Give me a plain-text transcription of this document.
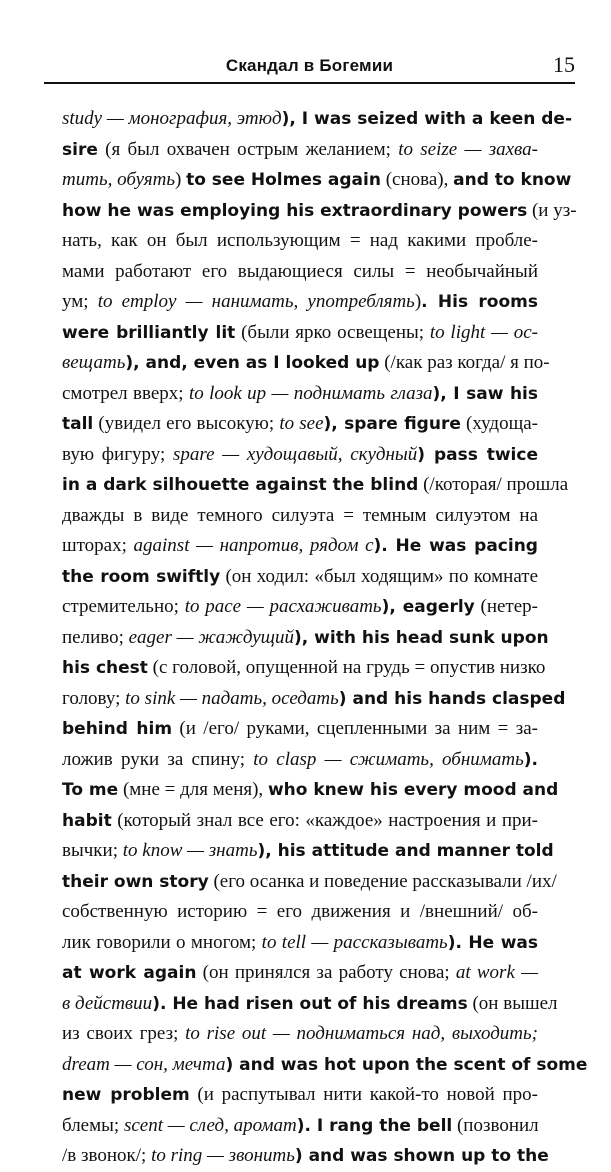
Скандал в Богемии	15
study — монография, этюд), I was seized with a keen de-
sire (я был охвачен острым желанием; to seize — захва-
тить, обуять) to see Holmes again (снова), and to know
how he was employing his extraordinary powers (и уз-
нать, как он был использующим = над какими пробле-
мами работают его выдающиеся силы = необычайный
ум; to employ — нанимать, употреблять). His rooms
were brilliantly lit (были ярко освещены; to light — ос-
вещать), and, even as I looked up (/как раз когда/ я по-
смотрел вверх; to look up — поднимать глаза), I saw his
tall (увидел его высокую; to see), spare figure (худоща-
вую фигуру; spare — худощавый, скудный) pass twice
in a dark silhouette against the blind (/которая/ прошла
дважды в виде темного силуэта = темным силуэтом на
шторах; against — напротив, рядом с). He was pacing
the room swiftly (он ходил: «был ходящим» по комнате
стремительно; to pace — расхаживать), eagerly (нетер-
пеливо; eager — жаждущий), with his head sunk upon
his chest (с головой, опущенной на грудь = опустив низко
голову; to sink — падать, оседать) and his hands clasped
behind him (и /его/ руками, сцепленными за ним = за-
ложив руки за спину; to clasp — сжимать, обнимать).
To me (мне = для меня), who knew his every mood and
habit (который знал все его: «каждое» настроения и при-
вычки; to know — знать), his attitude and manner told
their own story (его осанка и поведение рассказывали /их/
собственную историю = его движения и /внешний/ об-
лик говорили о многом; to tell — рассказывать). He was
at work again (он принялся за работу снова; at work —
в действии). He had risen out of his dreams (он вышел
из своих грез; to rise out — подниматься над, выходить;
dream — сон, мечта) and was hot upon the scent of some
new problem (и распутывал нити какой-то новой про-
блемы; scent — след, аромат). I rang the bell (позвонил
/в звонок/; to ring — звонить) and was shown up to the
